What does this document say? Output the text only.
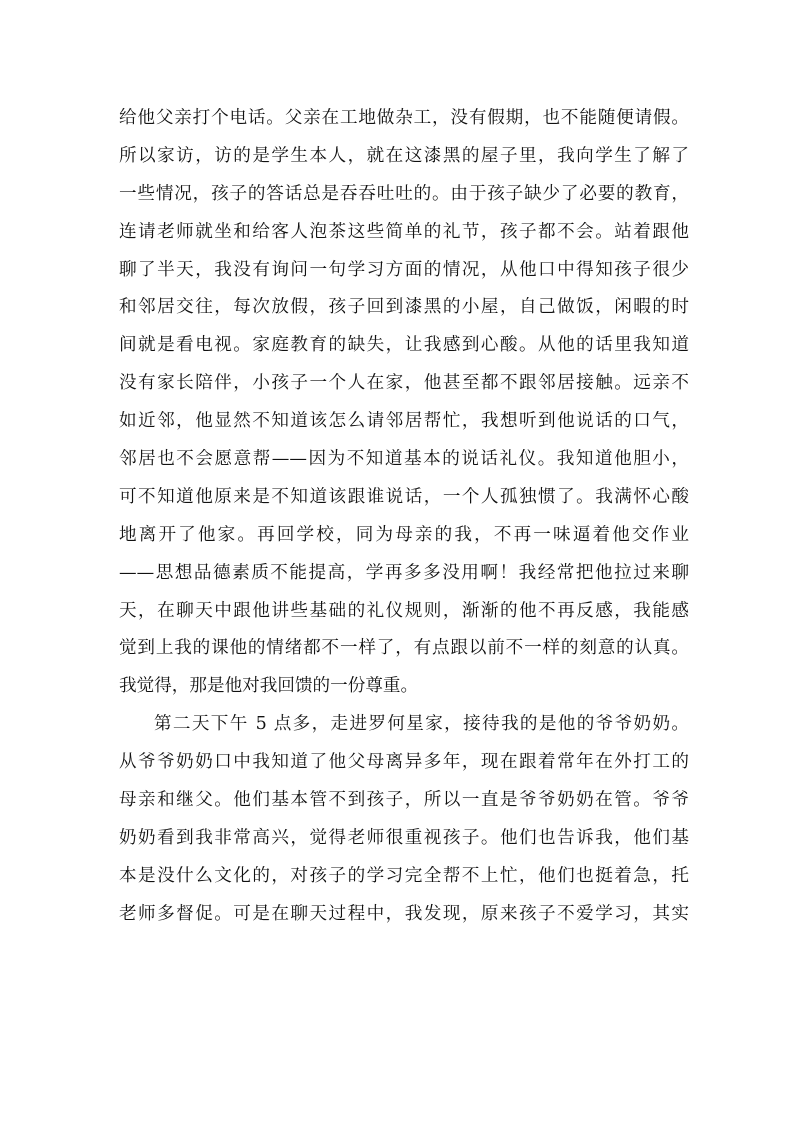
给他父亲打个电话。父亲在工地做杂工，没有假期，也不能随便请假。
所以家访，访的是学生本人，就在这漆黑的屋子里，我向学生了解了
一些情况，孩子的答话总是吞吞吐吐的。由于孩子缺少了必要的教育，
连请老师就坐和给客人泡茶这些简单的礼节，孩子都不会。站着跟他
聊了半天，我没有询问一句学习方面的情况，从他口中得知孩子很少
和邻居交往，每次放假，孩子回到漆黑的小屋，自己做饭，闲暇的时
间就是看电视。家庭教育的缺失，让我感到心酸。从他的话里我知道
没有家长陪伴，小孩子一个人在家，他甚至都不跟邻居接触。远亲不
如近邻，他显然不知道该怎么请邻居帮忙，我想听到他说话的口气，
邻居也不会愿意帮——因为不知道基本的说话礼仪。我知道他胆小，
可不知道他原来是不知道该跟谁说话，一个人孤独惯了。我满怀心酸
地离开了他家。再回学校，同为母亲的我，不再一味逼着他交作业
——思想品德素质不能提高，学再多多没用啊！我经常把他拉过来聊
天，在聊天中跟他讲些基础的礼仪规则，渐渐的他不再反感，我能感
觉到上我的课他的情绪都不一样了，有点跟以前不一样的刻意的认真。
我觉得，那是他对我回馈的一份尊重。
第二天下午 5 点多，走进罗何星家，接待我的是他的爷爷奶奶。
从爷爷奶奶口中我知道了他父母离异多年，现在跟着常年在外打工的
母亲和继父。他们基本管不到孩子，所以一直是爷爷奶奶在管。爷爷
奶奶看到我非常高兴，觉得老师很重视孩子。他们也告诉我，他们基
本是没什么文化的，对孩子的学习完全帮不上忙，他们也挺着急，托
老师多督促。可是在聊天过程中，我发现，原来孩子不爱学习，其实
